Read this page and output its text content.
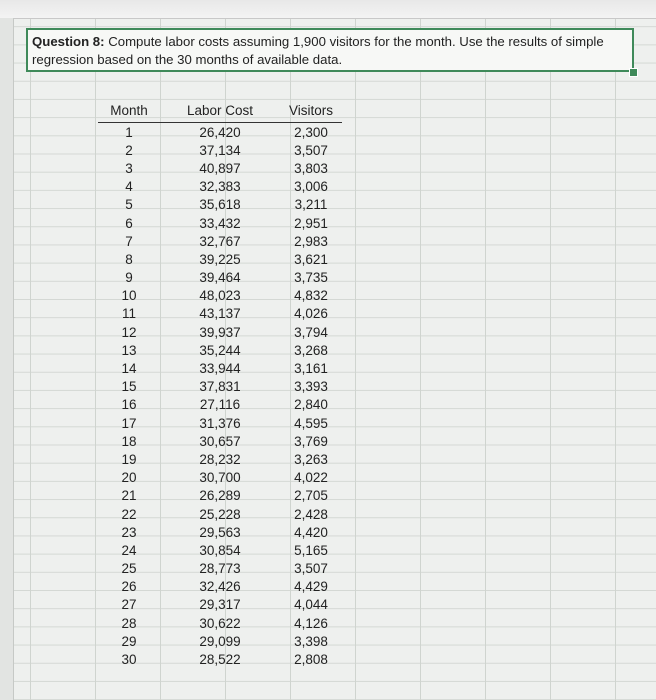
Question 8: Compute labor costs assuming 1,900 visitors for the month. Use the results of simple regression based on the 30 months of available data.
Month	Labor Cost	Visitors
1	26,420	2,300
2	37,134	3,507
3	40,897	3,803
4	32,383	3,006
5	35,618	3,211
6	33,432	2,951
7	32,767	2,983
8	39,225	3,621
9	39,464	3,735
10	48,023	4,832
11	43,137	4,026
12	39,937	3,794
13	35,244	3,268
14	33,944	3,161
15	37,831	3,393
16	27,116	2,840
17	31,376	4,595
18	30,657	3,769
19	28,232	3,263
20	30,700	4,022
21	26,289	2,705
22	25,228	2,428
23	29,563	4,420
24	30,854	5,165
25	28,773	3,507
26	32,426	4,429
27	29,317	4,044
28	30,622	4,126
29	29,099	3,398
30	28,522	2,808
